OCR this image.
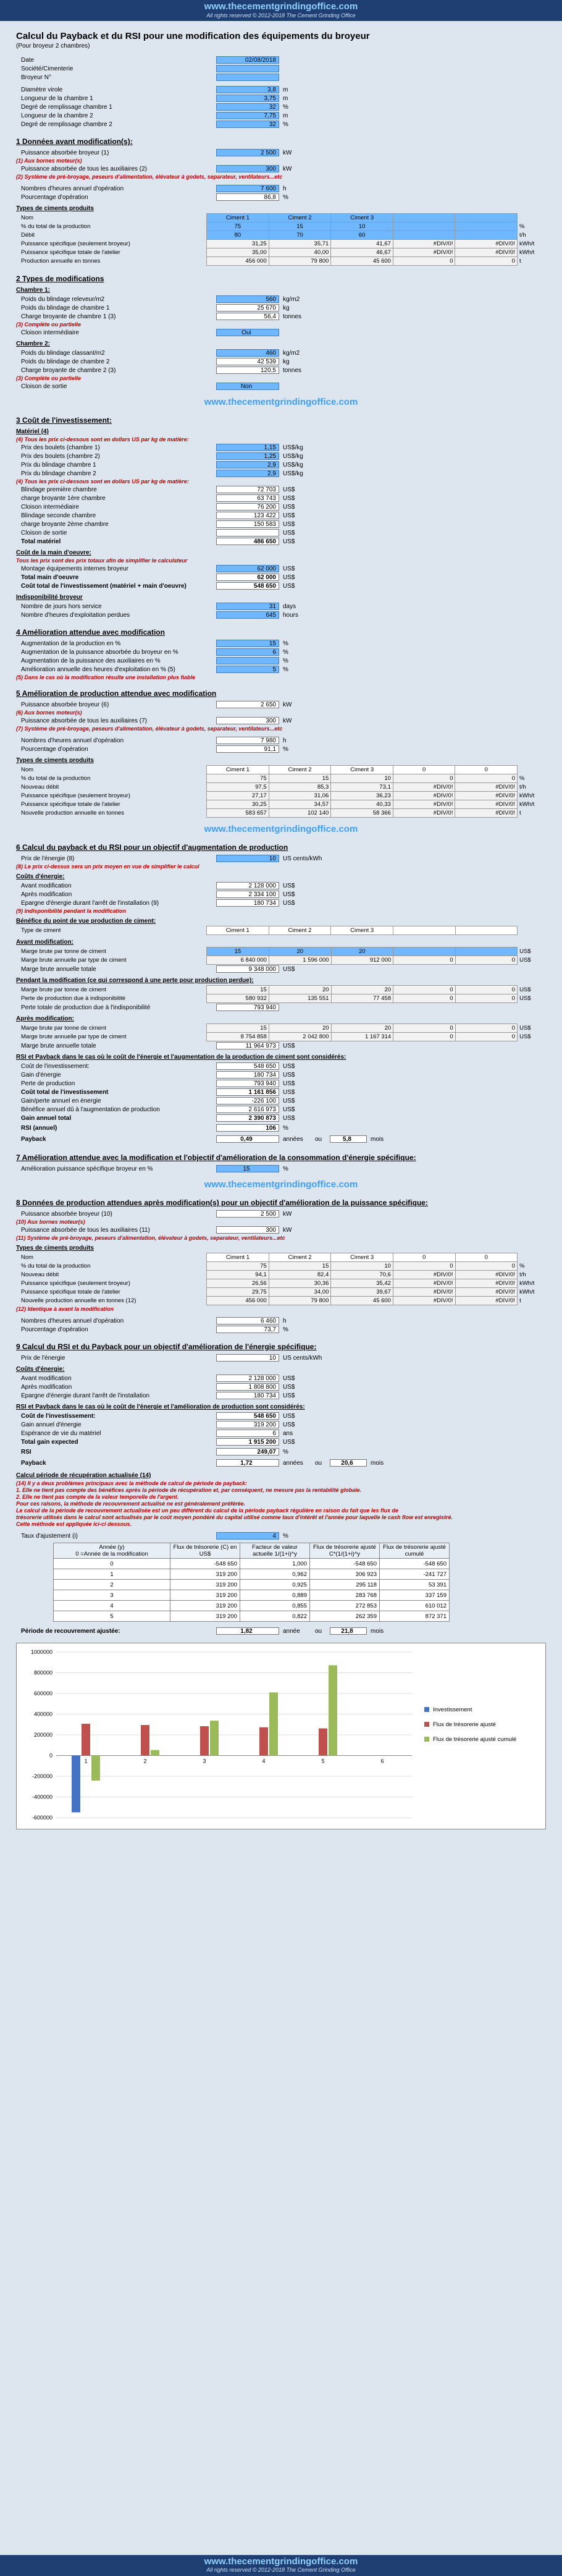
www.thecementgrindingoffice.com
All rights reserved © 2012-2018 The Cement Grinding Office
Calcul du Payback et du RSI pour une modification des équipements du broyeur
(Pour broyeur 2 chambres)
Date	02/08/2018
Société/Cimenterie
Broyeur N°
Diamètre virole	3,8	m
Longueur de la chambre 1	3,75	m
Degré de remplissage chambre 1	32	%
Longueur de la chambre 2	7,75	m
Degré de remplissage chambre 2	32	%
1 Données avant modification(s):
Puissance absorbée broyeur (1)	2 500	kW
(1) Aux bornes moteur(s)
Puissance absorbée de tous les auxiliaires (2)	300	kW
(2) Système de pré-broyage, peseurs d'alimentation, élévateur à godets, separateur, ventilateurs...etc
Nombres d'heures annuel d'opération	7 600	h
Pourcentage d'opération	86,8	%
Types de ciments produits
Nom	Ciment 1	Ciment 2	Ciment 3			
% du total de la production	75	15	10			%
Débit	80	70	60			t/h
Puissance spécifique (seulement broyeur)	31,25	35,71	41,67	#DIV/0!	#DIV/0!	kWh/t
Puissance spécifique totale de l'atelier	35,00	40,00	46,67	#DIV/0!	#DIV/0!	kWh/t
Production annuelle en tonnes	456 000	79 800	45 600	0	0	t
2 Types de modifications
Chambre 1:
Poids du blindage releveur/m2	560	kg/m2
Poids du blindage de chambre 1	25 670	kg
Charge broyante de chambre 1 (3)	56,4	tonnes
(3) Complète ou partielle
Cloison intermédiaire	Oui
Chambre 2:
Poids du blindage classant/m2	460	kg/m2
Poids du blindage de chambre 2	42 539	kg
Charge broyante de chambre 2 (3)	120,5	tonnes
(3) Complète ou partielle
Cloison de sortie	Non
www.thecementgrindingoffice.com
3 Coût de l'investissement:
Matériel (4)
(4) Tous les prix ci-dessous sont en dollars US par kg de matière:
Prix des boulets (chambre 1)	1,15	US$/kg
Prix des boulets (chambre 2)	1,25	US$/kg
Prix du blindage chambre 1	2,9	US$/kg
Prix du blindage chambre 2	2,9	US$/kg
(4) Tous les prix ci-dessous sont en dollars US par kg de matière:
Blindage première chambre	72 703	US$
charge broyante 1ère chambre	63 743	US$
Cloison intermédiaire	76 200	US$
Blindage seconde chambre	123 422	US$
charge broyante 2ème chambre	150 583	US$
Cloison de sortie	US$
Total matériel	486 650	US$
Coût de la main d'oeuvre:
Tous les prix sont des prix totaux afin de simplifier le calculateur
Montage équipements internes broyeur	62 000	US$
Total main d'oeuvre	62 000	US$
Coût total de l'investissement (matériel + main d'oeuvre)	548 650	US$
Indisponibilité broyeur
Nombre de jours hors service	31	days
Nombre d'heures d'exploitation perdues	645	hours
4 Amélioration attendue avec modification
Augmentation de la production en %	15	%
Augmentation de la puissance absorbée du broyeur en %	6	%
Augmentation de la puissance des auxiliaires en %	%
Amélioration annuelle des heures d'exploitation en % (5)	5	%
(5) Dans le cas où la modification résulte une installation plus fiable
5 Amélioration de production attendue avec modification
Puissance absorbée broyeur (6)	2 650	kW
(6) Aux bornes moteur(s)
Puissance absorbée de tous les auxiliaires (7)	300	kW
(7) Système de pré-broyage, peseurs d'alimentation, élévateur à godets, separateur, ventilateurs...etc
Nombres d'heures annuel d'opération	7 980	h
Pourcentage d'opération	91,1	%
Types de ciments produits
Nom	Ciment 1	Ciment 2	Ciment 3	0	0	
% du total de la production	75	15	10	0	0	%
Nouveau débit	97,5	85,3	73,1	#DIV/0!	#DIV/0!	t/h
Puissance spécifique (seulement broyeur)	27,17	31,06	36,23	#DIV/0!	#DIV/0!	kWh/t
Puissance spécifique totale de l'atelier	30,25	34,57	40,33	#DIV/0!	#DIV/0!	kWh/t
Nouvelle production annuelle en tonnes	583 657	102 140	58 366	#DIV/0!	#DIV/0!	t
www.thecementgrindingoffice.com
6 Calcul du payback et du RSI pour un objectif d'augmentation de production
Prix de l'énergie (8)	10	US cents/kWh
(8) Le prix ci-dessus sera un prix moyen en vue de simplifier le calcul
Coûts d'énergie:
Avant modification	2 128 000	US$
Après modification	2 334 100	US$
Epargne d'énergie durant l'arrêt de l'installation (9)	180 734	US$
(9) Indisponibilité pendant la modification
Bénéfice du point de vue production de ciment:
Type de ciment	Ciment 1	Ciment 2	Ciment 3			
Avant modification:
Marge brute par tonne de ciment	15	20	20			US$
Marge brute annuelle par type de ciment	6 840 000	1 596 000	912 000	0	0	US$
Marge brute annuelle totale	9 348 000	US$
Pendant la modification (ce qui correspond à une perte pour production perdue):
Marge brute par tonne de ciment	15	20	20	0	0	US$
Perte de production due à indisponibilité	580 932	135 551	77 458	0	0	US$
Perte totale de production due à l'indisponibilité	793 940
Après modification:
Marge brute par tonne de ciment	15	20	20	0	0	US$
Marge brute annuelle par type de ciment	8 754 858	2 042 800	1 167 314	0	0	US$
Marge brute annuelle totale	11 964 973	US$
RSI et Payback dans le cas où le coût de l'énergie et l'augmentation de la production de ciment sont considérés:
Coût de l'investissement:	548 650	US$
Gain d'énergie	180 734	US$
Perte de production	793 940	US$
Coût total de l'investissement	1 161 856	US$
Gain/perte annuel en énergie	-226 100	US$
Bénéfice annuel dû à l'augmentation de production	2 616 973	US$
Gain annuel total	2 390 873	US$
RSI (annuel)	106	%
Payback	0,49	années	ou	5,8	mois
7 Amélioration attendue avec la modification et l'objectif d'amélioration de la consommation d'énergie spécifique:
Amélioration puissance spécifique broyeur en %	15	%
www.thecementgrindingoffice.com
8 Données de production attendues après modification(s) pour un objectif d'amélioration de la puissance spécifique:
Puissance absorbée broyeur (10)	2 500	kW
(10) Aux bornes moteur(s)
Puissance absorbée de tous les auxiliaires (11)	300	kW
(11) Système de pré-broyage, peseurs d'alimentation, élévateur à godets, separateur, ventilateurs...etc
Types de ciments produits
Nom	Ciment 1	Ciment 2	Ciment 3	0	0	
% du total de la production	75	15	10	0	0	%
Nouveau débit	94,1	82,4	70,6	#DIV/0!	#DIV/0!	t/h
Puissance spécifique (seulement broyeur)	26,56	30,36	35,42	#DIV/0!	#DIV/0!	kWh/t
Puissance spécifique totale de l'atelier	29,75	34,00	39,67	#DIV/0!	#DIV/0!	kWh/t
Nouvelle production annuelle en tonnes (12)	456 000	79 800	45 600	#DIV/0!	#DIV/0!	t
(12) Identique à avant la modification
Nombres d'heures annuel d'opération	6 460	h
Pourcentage d'opération	73,7	%
9 Calcul du RSI et du Payback pour un objectif d'amélioration de l'énergie spécifique:
Prix de l'énergie	10	US cents/kWh
Coûts d'énergie:
Avant modification	2 128 000	US$
Après modification	1 808 800	US$
Epargne d'énergie durant l'arrêt de l'installation	180 734	US$
RSI et Payback dans le cas où le coût de l'énergie et l'amélioration de production sont considérés:
Coût de l'investissement:	548 650	US$
Gain annuel d'énergie	319 200	US$
Espérance de vie du matériel	6	ans
Total gain expected	1 915 200	US$
RSI	249,07	%
Payback	1,72	années	ou	20,6	mois
Calcul période de récupération actualisée (14)
(14) Il y a deux problèmes principaux avec la méthode de calcul de période de payback:
1. Elle ne tient pas compte des bénéfices après la période de récupération et, par conséquent, ne mesure pas la rentabilité globale.
2. Elle ne tient pas compte de la valeur temporelle de l'argent.
Pour ces raisons, la méthode de recouvrement actualisé ne est généralement préférée.
Le calcul de la période de recouvrement actualisée est un peu différent du calcul de la période payback régulière en raison du fait que les flux de
trésorerie utilisés dans le calcul sont actualisés par le coût moyen pondéré du capital utilisé comme taux d'intérêt et l'année pour laquelle le cash flow est enregistré.
Cette méthode est appliquée ici-ci dessous.
Taux d'ajustement (i)	4	%
Année (y)
0 =Année de la modification	Flux de trésorerie (C) en US$	Facteur de valeur actuelle 1/(1+i)^y	Flux de trésorerie ajusté C*(1/(1+i)^y	Flux de trésorerie ajusté cumulé
0	-548 650	1,000	-548 650	-548 650
1	319 200	0,962	306 923	-241 727
2	319 200	0,925	295 118	53 391
3	319 200	0,889	283 768	337 159
4	319 200	0,855	272 853	610 012
5	319 200	0,822	262 359	872 371
Période de recouvrement ajustée:	1,82	année	ou	21,8	mois
1000000
800000
600000
400000
200000
0
-200000
-400000
-600000
1	2	3	4	5	6
Investissement
Flux de trésorerie ajusté
Flux de trésorerie ajusté cumulé
www.thecementgrindingoffice.com
All rights reserved © 2012-2018 The Cement Grinding Office
